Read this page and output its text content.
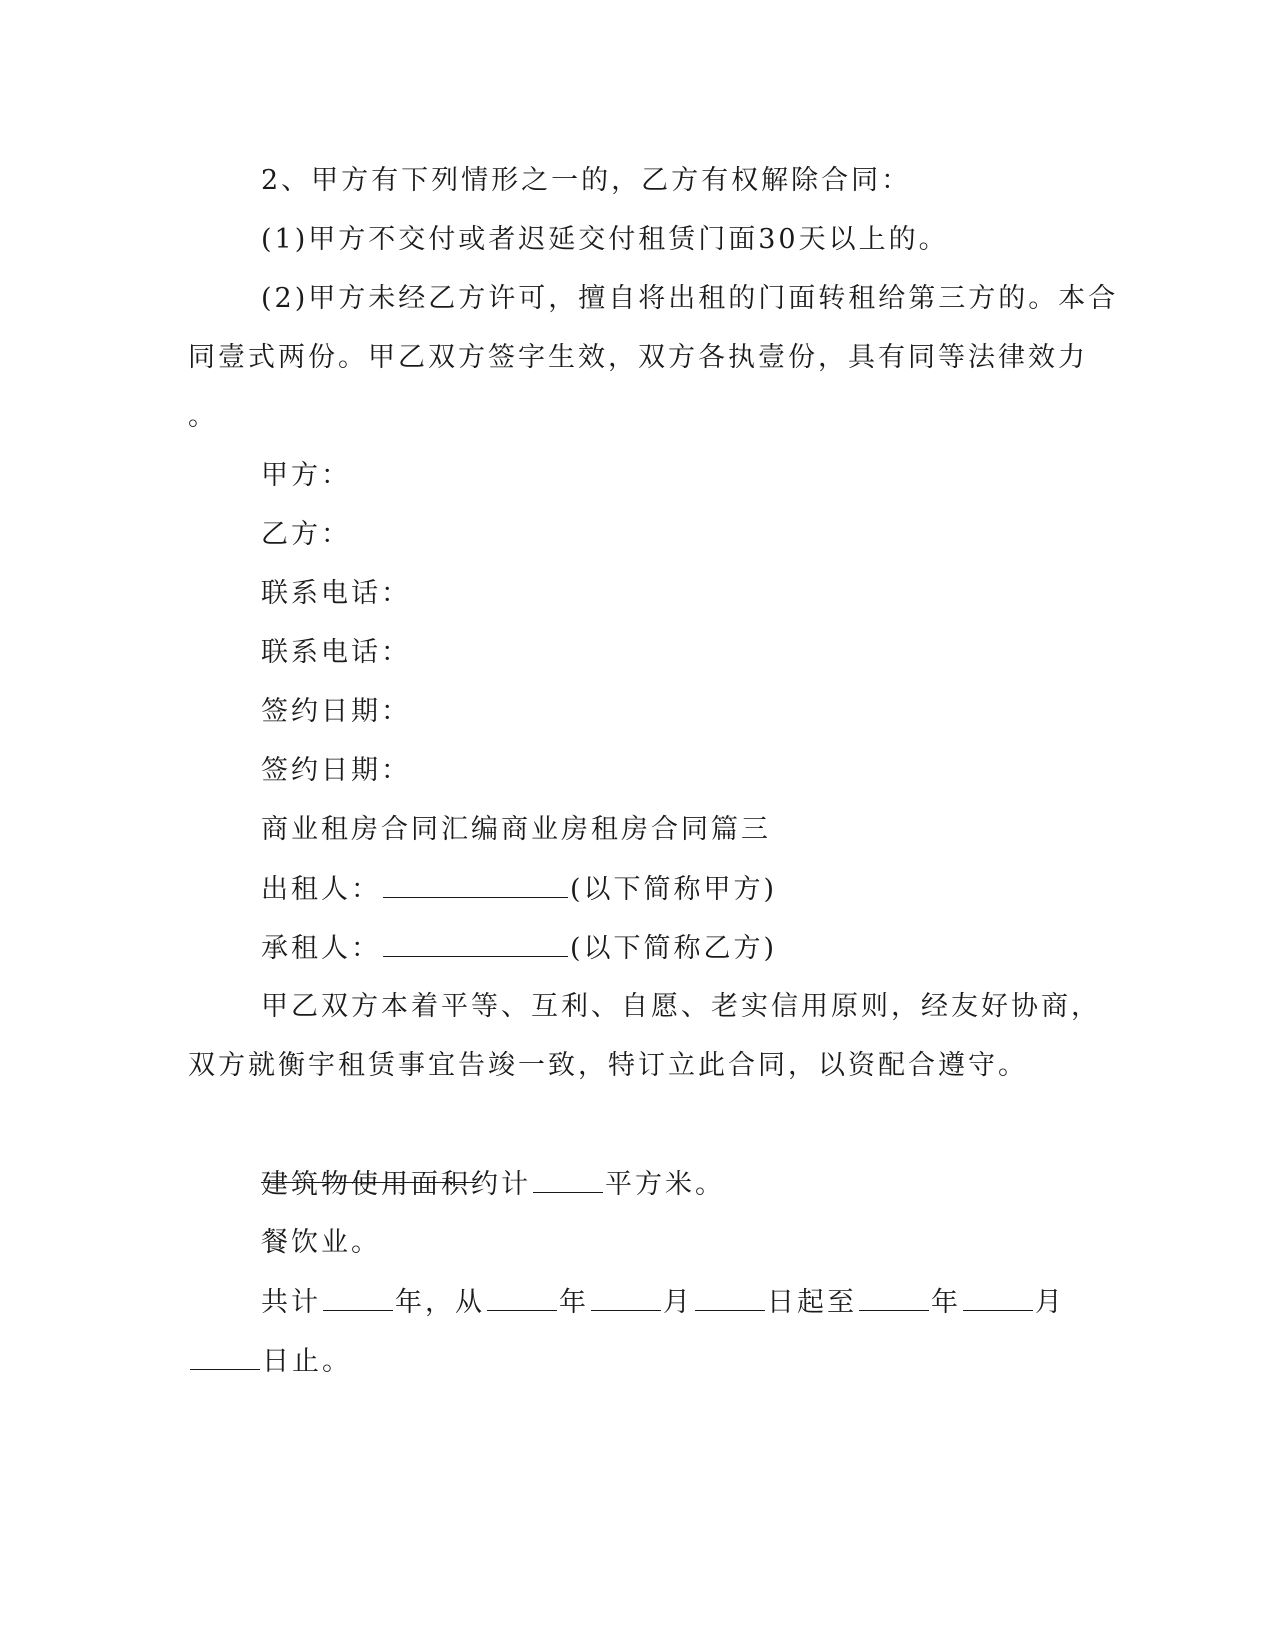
2、甲方有下列情形之一的，乙方有权解除合同：
(1)甲方不交付或者迟延交付租赁门面30天以上的。
(2)甲方未经乙方许可，擅自将出租的门面转租给第三方的。本合
同壹式两份。甲乙双方签字生效，双方各执壹份，具有同等法律效力
。
甲方：
乙方：
联系电话：
联系电话：
签约日期：
签约日期：
商业租房合同汇编商业房租房合同篇三
出租人：	(以下简称甲方)
承租人：	(以下简称乙方)
甲乙双方本着平等、互利、自愿、老实信用原则，经友好协商，
双方就衡宇租赁事宜告竣一致，特订立此合同，以资配合遵守。
建筑物使用面积约计	平方米。
餐饮业。
共计	年，从	年	月	日起至	年	月
日止。
